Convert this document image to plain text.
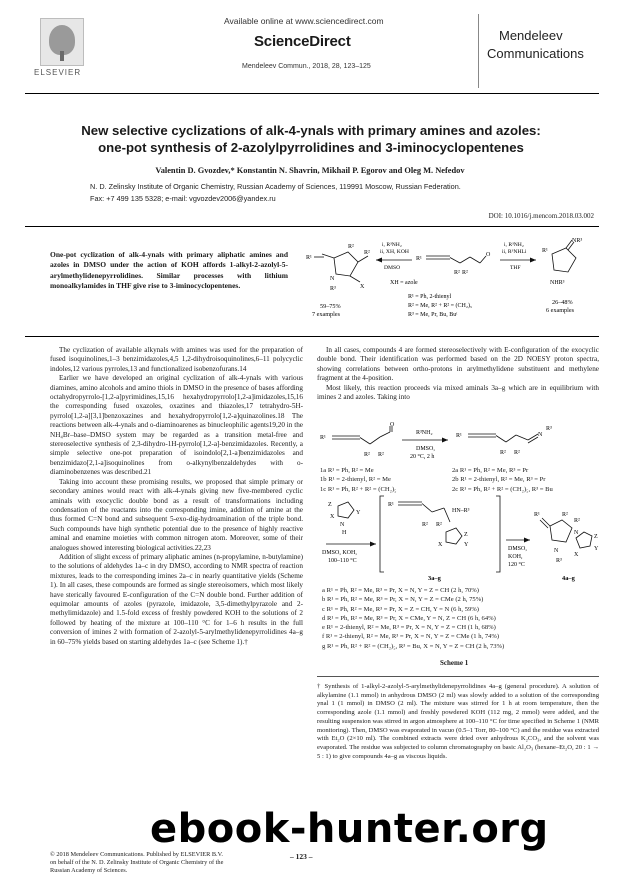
ELSEVIER
Available online at www.sciencedirect.com
ScienceDirect
Mendeleev Commun., 2018, 28, 123–125
Mendeleev
Communications
New selective cyclizations of alk-4-ynals with primary amines and azoles:
one-pot synthesis of 2-azolylpyrrolidines and 3-iminocyclopentenes
Valentin D. Gvozdev,* Konstantin N. Shavrin, Mikhail P. Egorov and Oleg M. Nefedov
N. D. Zelinsky Institute of Organic Chemistry, Russian Academy of Sciences, 119991 Moscow, Russian Federation.
Fax: +7 499 135 5328; e-mail: vgvozdev2006@yandex.ru
DOI: 10.1016/j.mencom.2018.03.002

One-pot cyclization of alk-4-ynals with primary aliphatic amines and azoles in DMSO under the action of KOH affords 1-alkyl-2-azolyl-5-arylmethylidenepyrrolidines. Similar processes with lithium monoalkylamides in THF give rise to 3-iminocyclopentenes.

R¹
R²
R²
N
X
R³
59–75%
7 examples
i, R³NH₂
ii, XH, KOH
DMSO
XH = azole
R¹
R² R²
O
i, R³NH₂
ii, R³NHLi
THF
R¹
NR³
NHR³
26–48%
6 examples
R¹ = Ph, 2-thienyl
R² = Me, R² + R² = (CH₂)₅
R³ = Me, Pr, Bu, Buᵗ

The cyclization of available alkynals with amines was used for the preparation of fused isoquinolines,1–3 benzimidazoles,4,5 1,2-dihydroisoquinolines,6–11 polycyclic indoles,12 various pyrroles,13 and functionalized isobenzofurans.14

Earlier we have developed an original cyclization of alk-4-ynals with various diamines, amino alcohols and amino thiols in DMSO in the presence of bases affording octahydropyrrolo-[1,2-a]pyrimidines,15,16 hexahydropyrrolo[1,2-a]imidazoles,15,16 the corresponding fused oxazoles, oxazines and thiazoles,17 tetrahydro-5H-pyrrolo[1,2-a][3,1]benzoxazines and hexahydropyrrolo[1,2-a]quinazolines.18 The reactions between alk-4-ynals and o-diaminoarenes as binucleophilic agents19,20 in the NH₄Br–base–DMSO system may be regarded as a transition metal-free and stereoselective synthesis of 2,3-dihydro-1H-pyrrolo[1,2-a]-benzimidazoles. Recently, a simple selective one-pot preparation of isoindolo[2,1-a]benzimidazoles and benzimidazo[2,1-a]isoquinolines from o-alkynylbenzaldehydes with o-diaminobenzenes was described.21

Taking into account these promising results, we proposed that simple primary or secondary amines would react with alk-4-ynals giving new five-membered cyclic aminals with exocyclic double bond as a result of transformations including condensation of the reactants into the corresponding imine, addition of amine at the thus formed C=N bond and subsequent 5-exo-dig-hydroamination of the triple bond. Such compounds have high synthetic potential due to the presence of highly reactive aminal and enamine moieties with common nitrogen atom. Moreover, some of their analogues showed interesting biological activities.22,23

Addition of slight excess of primary aliphatic amines (n-propylamine, n-butylamine) to the solutions of aldehydes 1a–c in dry DMSO, according to NMR spectra of reaction mixtures, leads to the corresponding imines 2a–c in nearly quantitative yields (Scheme 1). In all cases, these compounds are formed as single stereoisomers, which most likely have sterically favoured E-configuration of the C=N double bond. Further addition of equimolar amounts of azoles (pyrazole, imidazole, 3,5-dimethylpyrazole and 2-methylimidazole) and 1.5-fold excess of freshly powdered KOH to the solutions of 2 followed by heating of the mixture at 100–110 °C for 1–6 h results in the full conversion of imines 2 with formation of 2-azolyl-5-arylmethylidenepyrrolidines 4a–g in 60–75% yields based on starting aldehydes 1a–c (see Scheme 1).†

In all cases, compounds 4 are formed stereoselectively with E-configuration of the exocyclic double bond. Their identification was performed based on the 2D NOESY proton spectra, showing correlations between ortho-protons in arylmethylidene substituent and methylene fragment at the 4-position.

Most likely, this reaction proceeds via mixed aminals 3a–g which are in equilibrium with imines 2 and azoles. Taking into

R¹
R² R²
O
R³NH₂
DMSO,
20 °C, 2 h
R¹
R² R²
N
R³
Z
Y
N
H
X
DMSO, KOH,
100–110 °C
R¹
HN–R³
R² R²
Z
Y
X
3a–g
DMSO,
KOH,
120 °C
R¹
N
R³
R²
R²
N
Z
Y
X
4a–g
1a R¹ = Ph, R² = Me
1b R¹ = 2-thienyl, R² = Me
1c R¹ = Ph, R² + R² = (CH₂)₅
2a R¹ = Ph, R² = Me, R³ = Pr
2b R¹ = 2-thienyl, R² = Me, R³ = Pr
2c R¹ = Ph, R² + R² = (CH₂)₅, R³ = Bu
a R¹ = Ph, R² = Me, R³ = Pr, X = N, Y = Z = CH (2 h, 70%)
b R¹ = Ph, R² = Me, R³ = Pr, X = N, Y = Z = CMe (2 h, 75%)
c R¹ = Ph, R² = Me, R³ = Pr, X = Z = CH, Y = N (6 h, 59%)
d R¹ = Ph, R² = Me, R³ = Pr, X = CMe, Y = N, Z = CH (6 h, 64%)
e R¹ = 2-thienyl, R² = Me, R³ = Pr, X = N, Y = Z = CH (1 h, 68%)
f R¹ = 2-thienyl, R² = Me, R³ = Pr, X = N, Y = Z = CMe (1 h, 74%)
g R¹ = Ph, R² + R² = (CH₂)₅, R³ = Bu, X = N, Y = Z = CH (2 h, 73%)
Scheme 1

† Synthesis of 1-alkyl-2-azolyl-5-arylmethylidenepyrrolidines 4a–g (general procedure). A solution of alkylamine (1.1 mmol) in anhydrous DMSO (2 ml) was slowly added to a solution of the corresponding ynal 1 (1 mmol) in DMSO (2 ml). The mixture was stirred for 1 h at room temperature, then the corresponding azole (1.1 mmol) and freshly powdered KOH (112 mg, 2 mmol) were added, and the resulting suspension was stirred in argon atmosphere at 100–110 °C for time specified in Scheme 1 (NMR monitoring). Then, DMSO was evaporated in vacuo (0.5–1 Torr, 80–100 °C) and the residue was extracted with Et₂O (2×10 ml). The combined extracts were dried over anhydrous K₂CO₃, and the solvent was evaporated. The residue was subjected to column chromatography on basic Al₂O₃ (hexane–Et₂O, 20 : 1 → 5 : 1) to give compounds 4a–g as viscous liquids.

© 2018 Mendeleev Communications. Published by ELSEVIER B.V.
on behalf of the N. D. Zelinsky Institute of Organic Chemistry of the
Russian Academy of Sciences.
– 123 –
ebook-hunter.org
